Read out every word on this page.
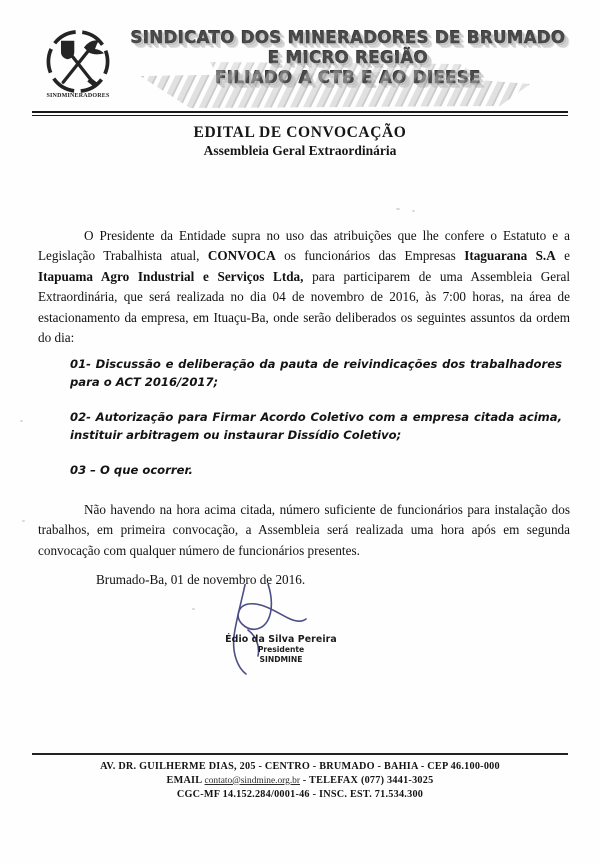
SINDMINERADORES
SINDICATO DOS MINERADORES DE BRUMADO
E MICRO REGIÃO
FILIADO A CTB E AO DIEESE
EDITAL DE CONVOCAÇÃO
Assembleia Geral Extraordinária
O Presidente da Entidade supra no uso das atribuições que lhe confere o Estatuto e a Legislação Trabalhista atual, CONVOCA os funcionários das Empresas Itaguarana S.A e Itapuama Agro Industrial e Serviços Ltda, para participarem de uma Assembleia Geral Extraordinária, que será realizada no dia 04 de novembro de 2016, às 7:00 horas, na área de estacionamento da empresa, em Ituaçu-Ba, onde serão deliberados os seguintes assuntos da ordem do dia:
01- Discussão e deliberação da pauta de reivindicações dos trabalhadores para o ACT 2016/2017;
02- Autorização para Firmar Acordo Coletivo com a empresa citada acima, instituir arbitragem ou instaurar Dissídio Coletivo;
03 – O que ocorrer.
Não havendo na hora acima citada, número suficiente de funcionários para instalação dos trabalhos, em primeira convocação, a Assembleia será realizada uma hora após em segunda convocação com qualquer número de funcionários presentes.
Brumado-Ba, 01 de novembro de 2016.
Édio da Silva Pereira
Presidente
SINDMINE
AV. DR. GUILHERME DIAS, 205 - CENTRO - BRUMADO - BAHIA - CEP 46.100-000
EMAIL contato@sindmine.org.br - TELEFAX (077) 3441-3025
CGC-MF 14.152.284/0001-46 - INSC. EST. 71.534.300
